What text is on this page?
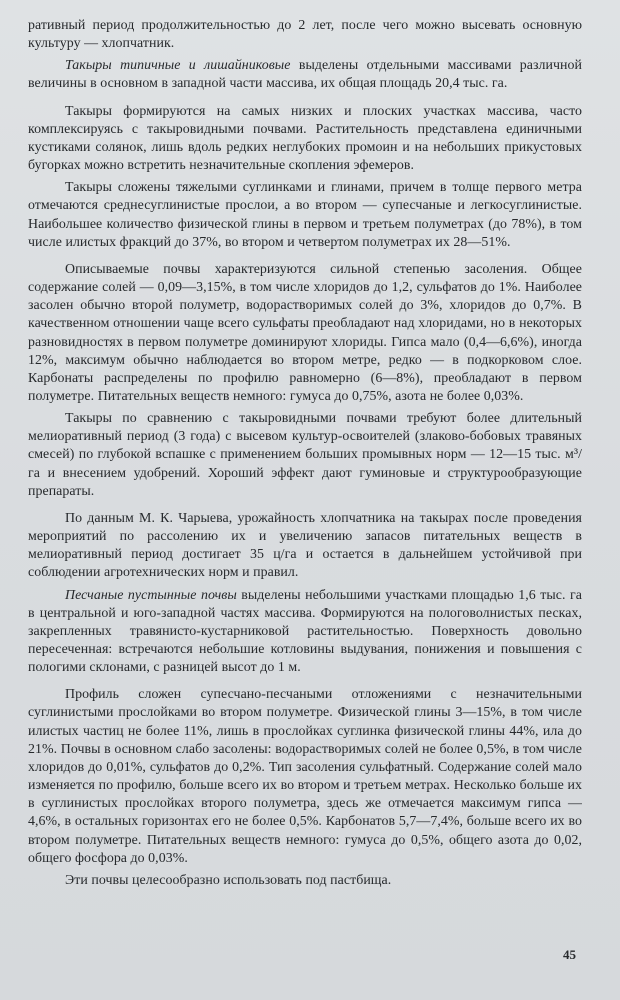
ративный период продолжительностью до 2 лет, после чего можно высевать основную культуру — хлопчатник.

Такыры типичные и лишайниковые выделены отдельными массивами различной величины в основном в западной части массива, их общая площадь 20,4 тыс. га.

Такыры формируются на самых низких и плоских участках массива, часто комплексируясь с такыровидными почвами. Растительность представлена единичными кустиками солянок, лишь вдоль редких неглубоких промоин и на небольших прикустовых бугорках можно встретить незначительные скопления эфемеров.

Такыры сложены тяжелыми суглинками и глинами, причем в толще первого метра отмечаются среднесуглинистые прослои, а во втором — супесчаные и легкосуглинистые. Наибольшее количество физической глины в первом и третьем полуметрах (до 78%), в том числе илистых фракций до 37%, во втором и четвертом полуметрах их 28—51%.

Описываемые почвы характеризуются сильной степенью засоления. Общее содержание солей — 0,09—3,15%, в том числе хлоридов до 1,2, сульфатов до 1%. Наиболее засолен обычно второй полуметр, водорастворимых солей до 3%, хлоридов до 0,7%. В качественном отношении чаще всего сульфаты преобладают над хлоридами, но в некоторых разновидностях в первом полуметре доминируют хлориды. Гипса мало (0,4—6,6%), иногда 12%, максимум обычно наблюдается во втором метре, редко — в подкорковом слое. Карбонаты распределены по профилю равномерно (6—8%), преобладают в первом полуметре. Питательных веществ немного: гумуса до 0,75%, азота не более 0,03%.

Такыры по сравнению с такыровидными почвами требуют более длительный мелиоративный период (3 года) с высевом культур-освоителей (злаково-бобовых травяных смесей) по глубокой вспашке с применением больших промывных норм — 12—15 тыс. м³/га и внесением удобрений. Хороший эффект дают гуминовые и структурообразующие препараты.

По данным М. К. Чарыева, урожайность хлопчатника на такырах после проведения мероприятий по рассолению их и увеличению запасов питательных веществ в мелиоративный период достигает 35 ц/га и остается в дальнейшем устойчивой при соблюдении агротехнических норм и правил.

Песчаные пустынные почвы выделены небольшими участками площадью 1,6 тыс. га в центральной и юго-западной частях массива. Формируются на пологоволнистых песках, закрепленных травянисто-кустарниковой растительностью. Поверхность довольно пересеченная: встречаются небольшие котловины выдувания, понижения и повышения с пологими склонами, с разницей высот до 1 м.

Профиль сложен супесчано-песчаными отложениями с незначительными суглинистыми прослойками во втором полуметре. Физической глины 3—15%, в том числе илистых частиц не более 11%, лишь в прослойках суглинка физической глины 44%, ила до 21%. Почвы в основном слабо засолены: водорастворимых солей не более 0,5%, в том числе хлоридов до 0,01%, сульфатов до 0,2%. Тип засоления сульфатный. Содержание солей мало изменяется по профилю, больше всего их во втором и третьем метрах. Несколько больше их в суглинистых прослойках второго полуметра, здесь же отмечается максимум гипса — 4,6%, в остальных горизонтах его не более 0,5%. Карбонатов 5,7—7,4%, больше всего их во втором полуметре. Питательных веществ немного: гумуса до 0,5%, общего азота до 0,02, общего фосфора до 0,03%.

Эти почвы целесообразно использовать под пастбища.

45
